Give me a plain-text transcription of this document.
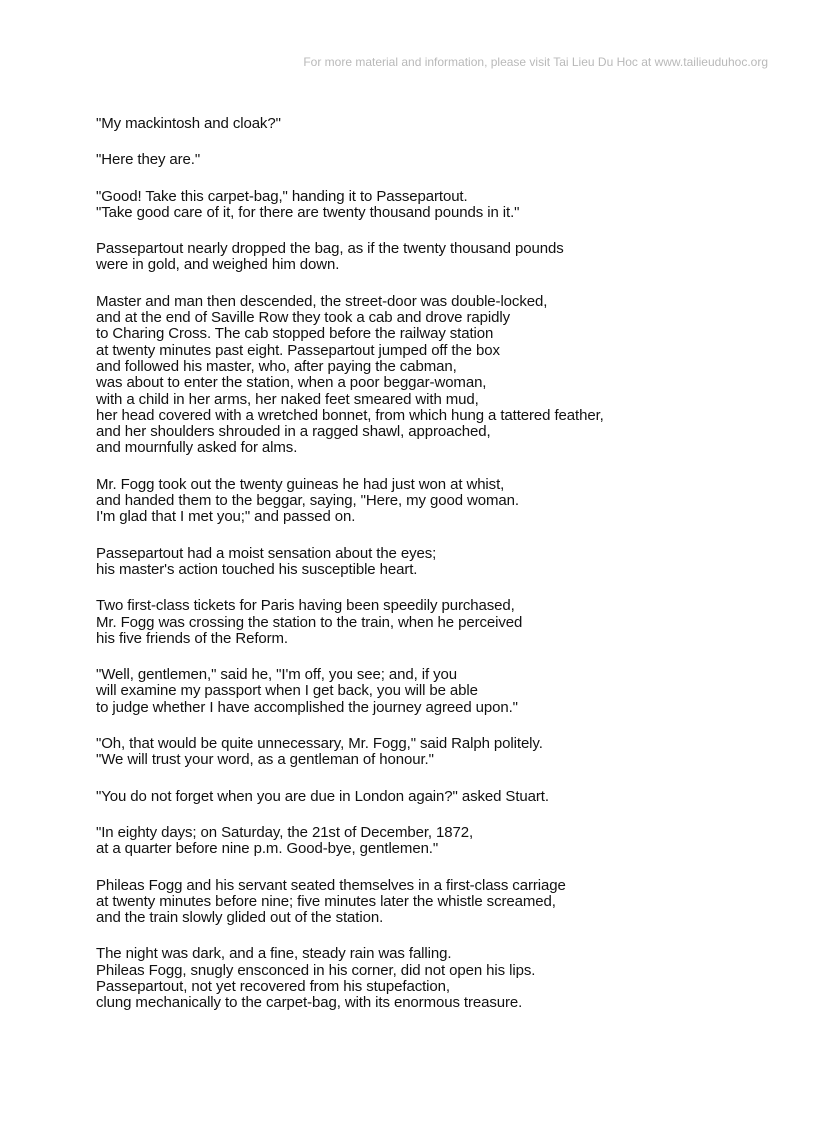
For more material and information, please visit Tai Lieu Du Hoc at www.tailieuduhoc.org
"My mackintosh and cloak?"
"Here they are."
"Good! Take this carpet-bag," handing it to Passepartout.
"Take good care of it, for there are twenty thousand pounds in it."
Passepartout nearly dropped the bag, as if the twenty thousand pounds
were in gold, and weighed him down.
Master and man then descended, the street-door was double-locked,
and at the end of Saville Row they took a cab and drove rapidly
to Charing Cross. The cab stopped before the railway station
at twenty minutes past eight. Passepartout jumped off the box
and followed his master, who, after paying the cabman,
was about to enter the station, when a poor beggar-woman,
with a child in her arms, her naked feet smeared with mud,
her head covered with a wretched bonnet, from which hung a tattered feather,
and her shoulders shrouded in a ragged shawl, approached,
and mournfully asked for alms.
Mr. Fogg took out the twenty guineas he had just won at whist,
and handed them to the beggar, saying, "Here, my good woman.
I'm glad that I met you;" and passed on.
Passepartout had a moist sensation about the eyes;
his master's action touched his susceptible heart.
Two first-class tickets for Paris having been speedily purchased,
Mr. Fogg was crossing the station to the train, when he perceived
his five friends of the Reform.
"Well, gentlemen," said he, "I'm off, you see; and, if you
will examine my passport when I get back, you will be able
to judge whether I have accomplished the journey agreed upon."
"Oh, that would be quite unnecessary, Mr. Fogg," said Ralph politely.
"We will trust your word, as a gentleman of honour."
"You do not forget when you are due in London again?" asked Stuart.
"In eighty days; on Saturday, the 21st of December, 1872,
at a quarter before nine p.m. Good-bye, gentlemen."
Phileas Fogg and his servant seated themselves in a first-class carriage
at twenty minutes before nine; five minutes later the whistle screamed,
and the train slowly glided out of the station.
The night was dark, and a fine, steady rain was falling.
Phileas Fogg, snugly ensconced in his corner, did not open his lips.
Passepartout, not yet recovered from his stupefaction,
clung mechanically to the carpet-bag, with its enormous treasure.
